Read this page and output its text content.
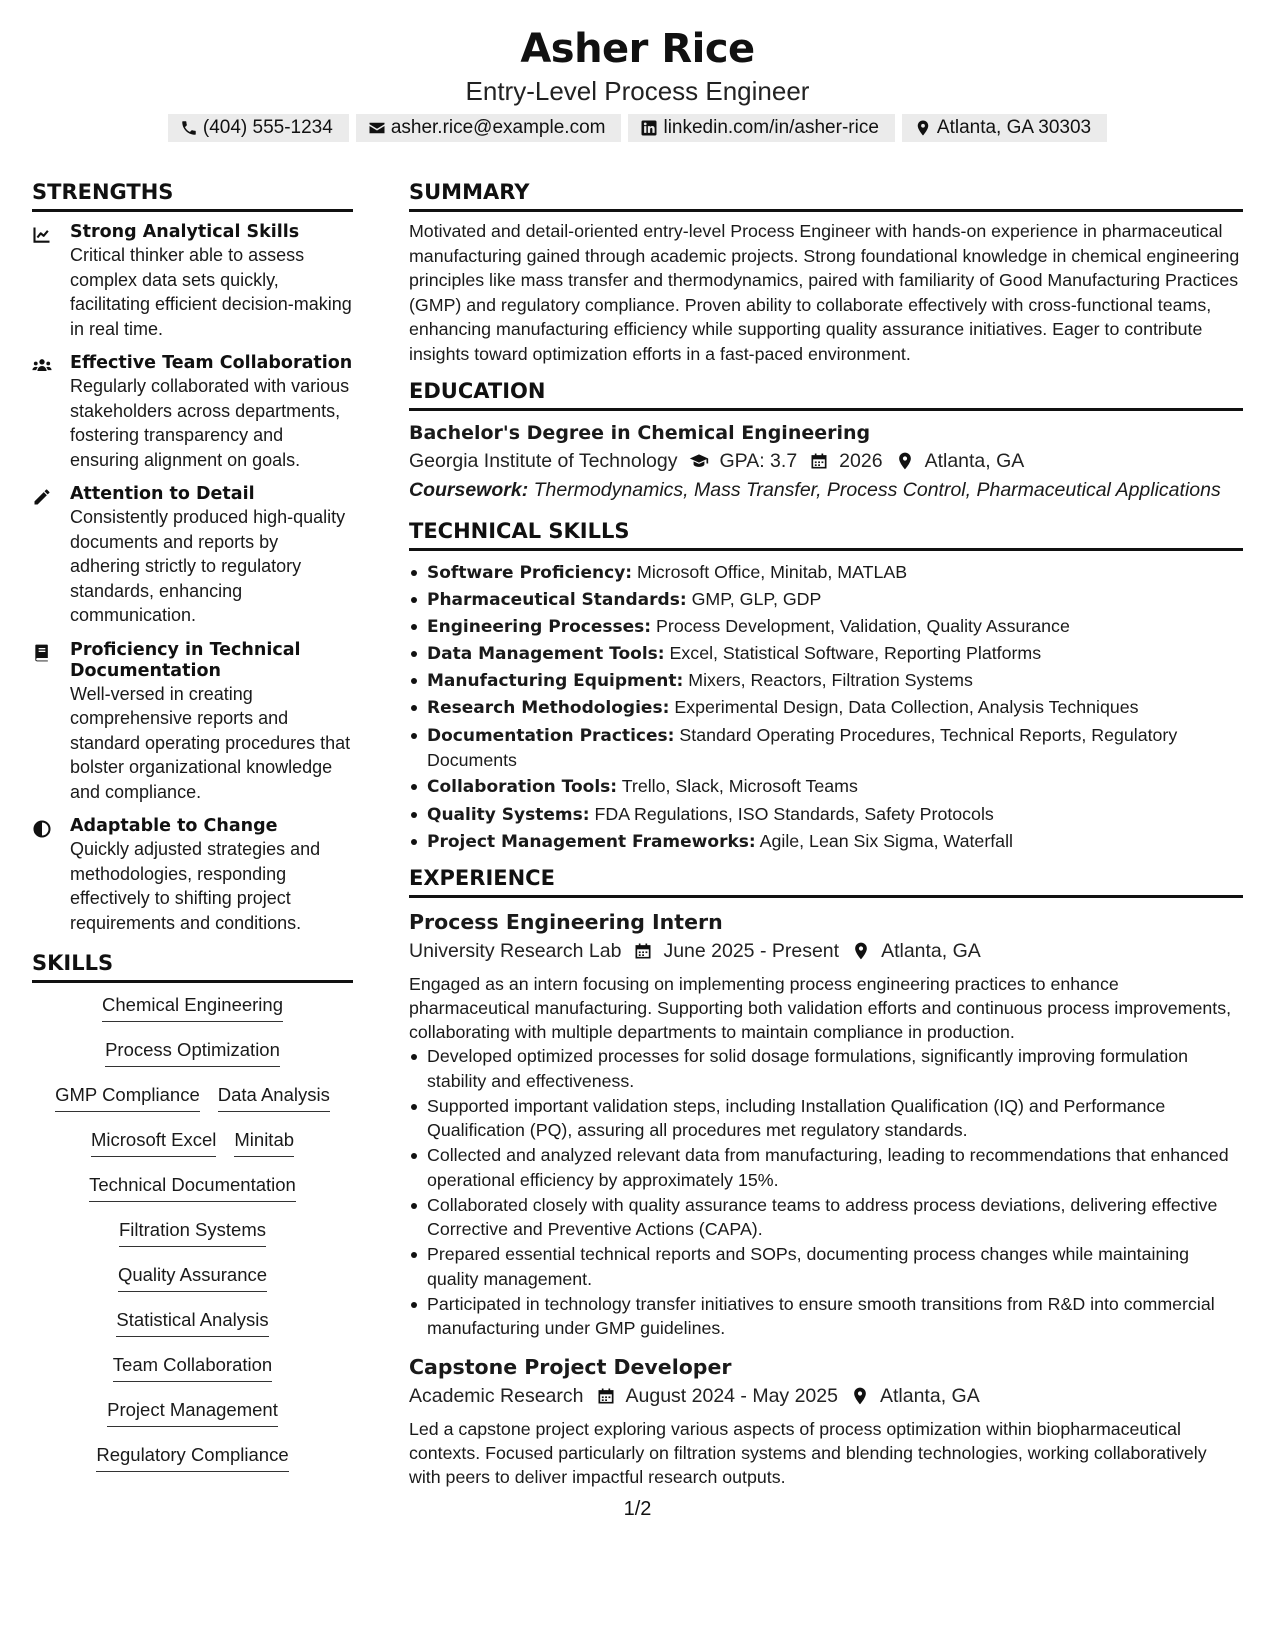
Asher Rice
Entry-Level Process Engineer
(404) 555-1234	asher.rice@example.com	linkedin.com/in/asher-rice	Atlanta, GA 30303
STRENGTHS
Strong Analytical Skills
Critical thinker able to assess complex data sets quickly, facilitating efficient decision-making in real time.
Effective Team Collaboration
Regularly collaborated with various stakeholders across departments, fostering transparency and ensuring alignment on goals.
Attention to Detail
Consistently produced high-quality documents and reports by adhering strictly to regulatory standards, enhancing communication.
Proficiency in Technical Documentation
Well-versed in creating comprehensive reports and standard operating procedures that bolster organizational knowledge and compliance.
Adaptable to Change
Quickly adjusted strategies and methodologies, responding effectively to shifting project requirements and conditions.
SKILLS
Chemical Engineering
Process Optimization
GMP Compliance Data Analysis
Microsoft Excel Minitab
Technical Documentation
Filtration Systems
Quality Assurance
Statistical Analysis
Team Collaboration
Project Management
Regulatory Compliance
SUMMARY
Motivated and detail-oriented entry-level Process Engineer with hands-on experience in pharmaceutical manufacturing gained through academic projects. Strong foundational knowledge in chemical engineering principles like mass transfer and thermodynamics, paired with familiarity of Good Manufacturing Practices (GMP) and regulatory compliance. Proven ability to collaborate effectively with cross-functional teams, enhancing manufacturing efficiency while supporting quality assurance initiatives. Eager to contribute insights toward optimization efforts in a fast-paced environment.
EDUCATION
Bachelor's Degree in Chemical Engineering
Georgia Institute of Technology GPA: 3.7 2026 Atlanta, GA
Coursework: Thermodynamics, Mass Transfer, Process Control, Pharmaceutical Applications
TECHNICAL SKILLS
Software Proficiency: Microsoft Office, Minitab, MATLAB
Pharmaceutical Standards: GMP, GLP, GDP
Engineering Processes: Process Development, Validation, Quality Assurance
Data Management Tools: Excel, Statistical Software, Reporting Platforms
Manufacturing Equipment: Mixers, Reactors, Filtration Systems
Research Methodologies: Experimental Design, Data Collection, Analysis Techniques
Documentation Practices: Standard Operating Procedures, Technical Reports, Regulatory Documents
Collaboration Tools: Trello, Slack, Microsoft Teams
Quality Systems: FDA Regulations, ISO Standards, Safety Protocols
Project Management Frameworks: Agile, Lean Six Sigma, Waterfall
EXPERIENCE
Process Engineering Intern
University Research Lab June 2025 - Present Atlanta, GA
Engaged as an intern focusing on implementing process engineering practices to enhance pharmaceutical manufacturing. Supporting both validation efforts and continuous process improvements, collaborating with multiple departments to maintain compliance in production.
Developed optimized processes for solid dosage formulations, significantly improving formulation stability and effectiveness.
Supported important validation steps, including Installation Qualification (IQ) and Performance Qualification (PQ), assuring all procedures met regulatory standards.
Collected and analyzed relevant data from manufacturing, leading to recommendations that enhanced operational efficiency by approximately 15%.
Collaborated closely with quality assurance teams to address process deviations, delivering effective Corrective and Preventive Actions (CAPA).
Prepared essential technical reports and SOPs, documenting process changes while maintaining quality management.
Participated in technology transfer initiatives to ensure smooth transitions from R&D into commercial manufacturing under GMP guidelines.
Capstone Project Developer
Academic Research August 2024 - May 2025 Atlanta, GA
Led a capstone project exploring various aspects of process optimization within biopharmaceutical contexts. Focused particularly on filtration systems and blending technologies, working collaboratively with peers to deliver impactful research outputs.
1/2
